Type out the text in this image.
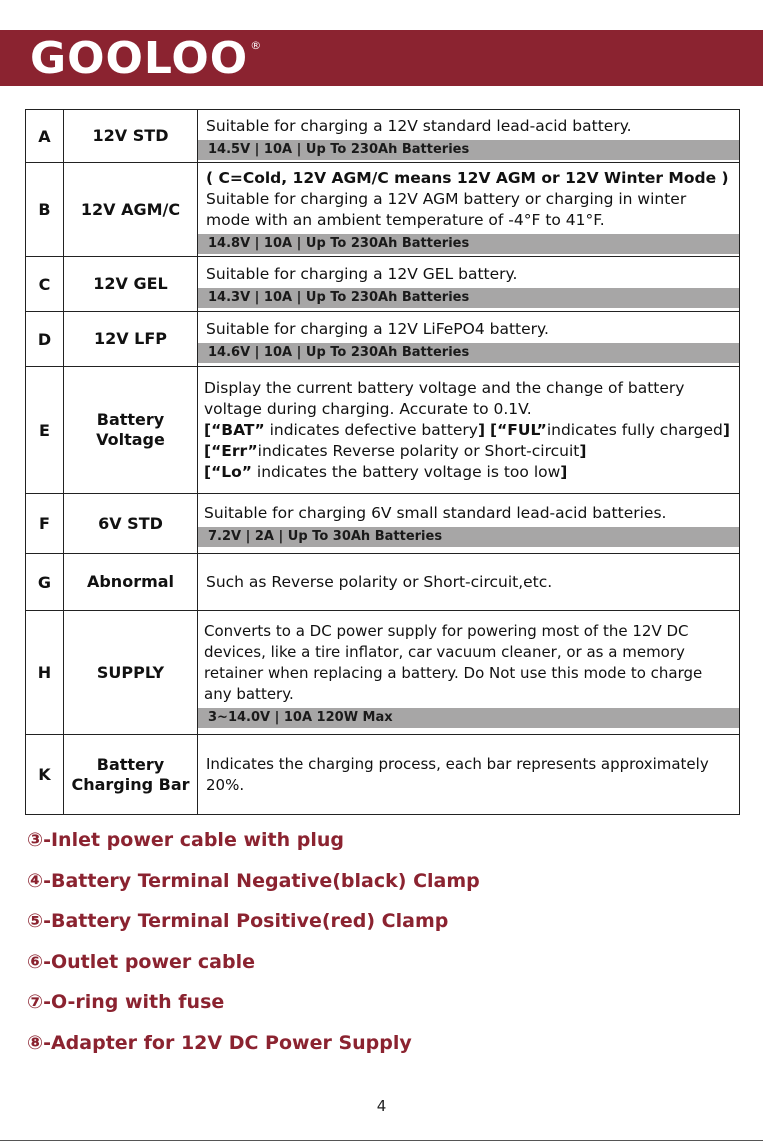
GOOLOO ®
A	12V STD	Suitable for charging a 12V standard lead-acid battery.
14.5V | 10A | Up To 230Ah Batteries

B	12V AGM/C	( C=Cold, 12V AGM/C means 12V AGM or 12V Winter Mode )
Suitable for charging a 12V AGM battery or charging in winter mode with an ambient temperature of -4°F to 41°F.
14.8V | 10A | Up To 230Ah Batteries

C	12V GEL	Suitable for charging a 12V GEL battery.
14.3V | 10A | Up To 230Ah Batteries

D	12V LFP	Suitable for charging a 12V LiFePO4 battery.
14.6V | 10A | Up To 230Ah Batteries

E	Battery Voltage	Display the current battery voltage and the change of battery voltage during charging. Accurate to 0.1V.
[“BAT” indicates defective battery] [“FUL”indicates fully charged]
[“Err”indicates Reverse polarity or Short-circuit]
[“Lo” indicates the battery voltage is too low]

F	6V STD	Suitable for charging 6V small standard lead-acid batteries.
7.2V | 2A | Up To 30Ah Batteries

G	Abnormal	Such as Reverse polarity or Short-circuit,etc.

H	SUPPLY	Converts to a DC power supply for powering most of the 12V DC devices, like a tire inflator, car vacuum cleaner, or as a memory retainer when replacing a battery. Do Not use this mode to charge any battery.
3~14.0V | 10A 120W Max

K	Battery Charging Bar	Indicates the charging process, each bar represents approximately 20%.
③-Inlet power cable with plug
④-Battery Terminal Negative(black) Clamp
⑤-Battery Terminal Positive(red) Clamp
⑥-Outlet power cable
⑦-O-ring with fuse
⑧-Adapter for 12V DC Power Supply
4
